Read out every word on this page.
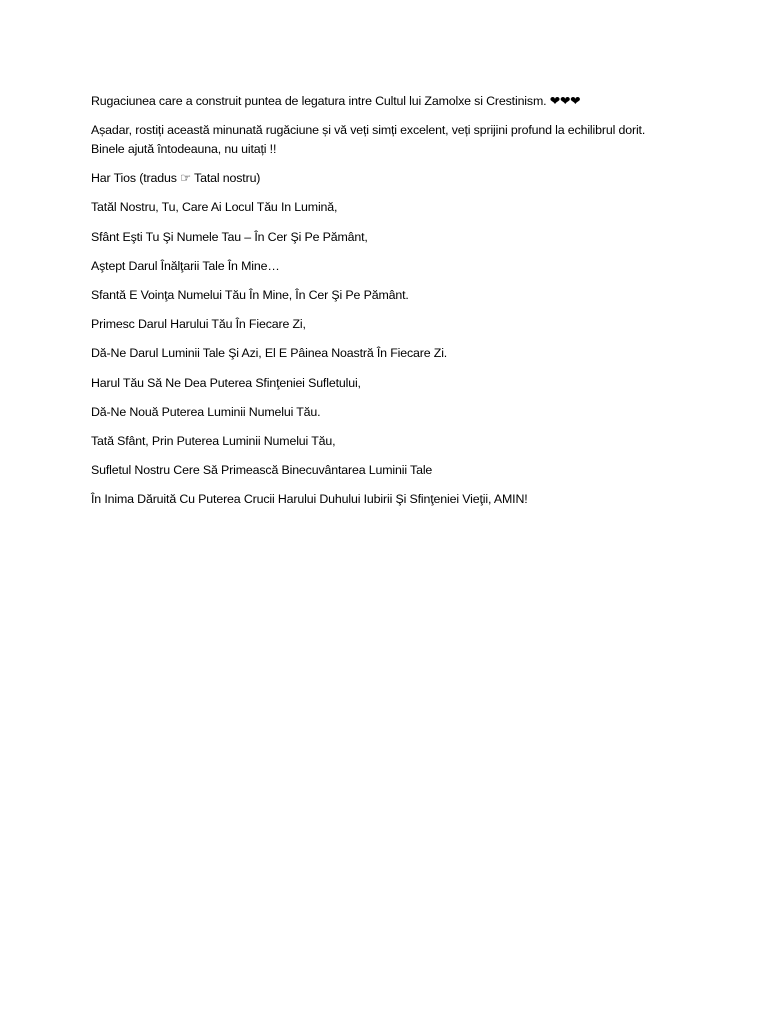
Rugaciunea care a construit puntea de legatura intre Cultul lui Zamolxe si Crestinism. ❤❤❤

Așadar, rostiți această minunată rugăciune și vă veți simți excelent, veți sprijini profund la echilibrul dorit. Binele ajută întodeauna, nu uitați !!

Har Tios (tradus ☞ Tatal nostru)

Tatăl Nostru, Tu, Care Ai Locul Tău In Lumină,

Sfânt Eşti Tu Şi Numele Tau – În Cer Şi Pe Pământ,

Aştept Darul Înălţarii Tale În Mine…

Sfantă E Voinţa Numelui Tău În Mine, În Cer Şi Pe Pământ.

Primesc Darul Harului Tău În Fiecare Zi,

Dă-Ne Darul Luminii Tale Şi Azi, El E Pâinea Noastră În Fiecare Zi.

Harul Tău Să Ne Dea Puterea Sfinţeniei Sufletului,

Dă-Ne Nouă Puterea Luminii Numelui Tău.

Tată Sfânt, Prin Puterea Luminii Numelui Tău,

Sufletul Nostru Cere Să Primească Binecuvântarea Luminii Tale

În Inima Dăruită Cu Puterea Crucii Harului Duhului Iubirii Şi Sfinţeniei Vieţii, AMIN!
